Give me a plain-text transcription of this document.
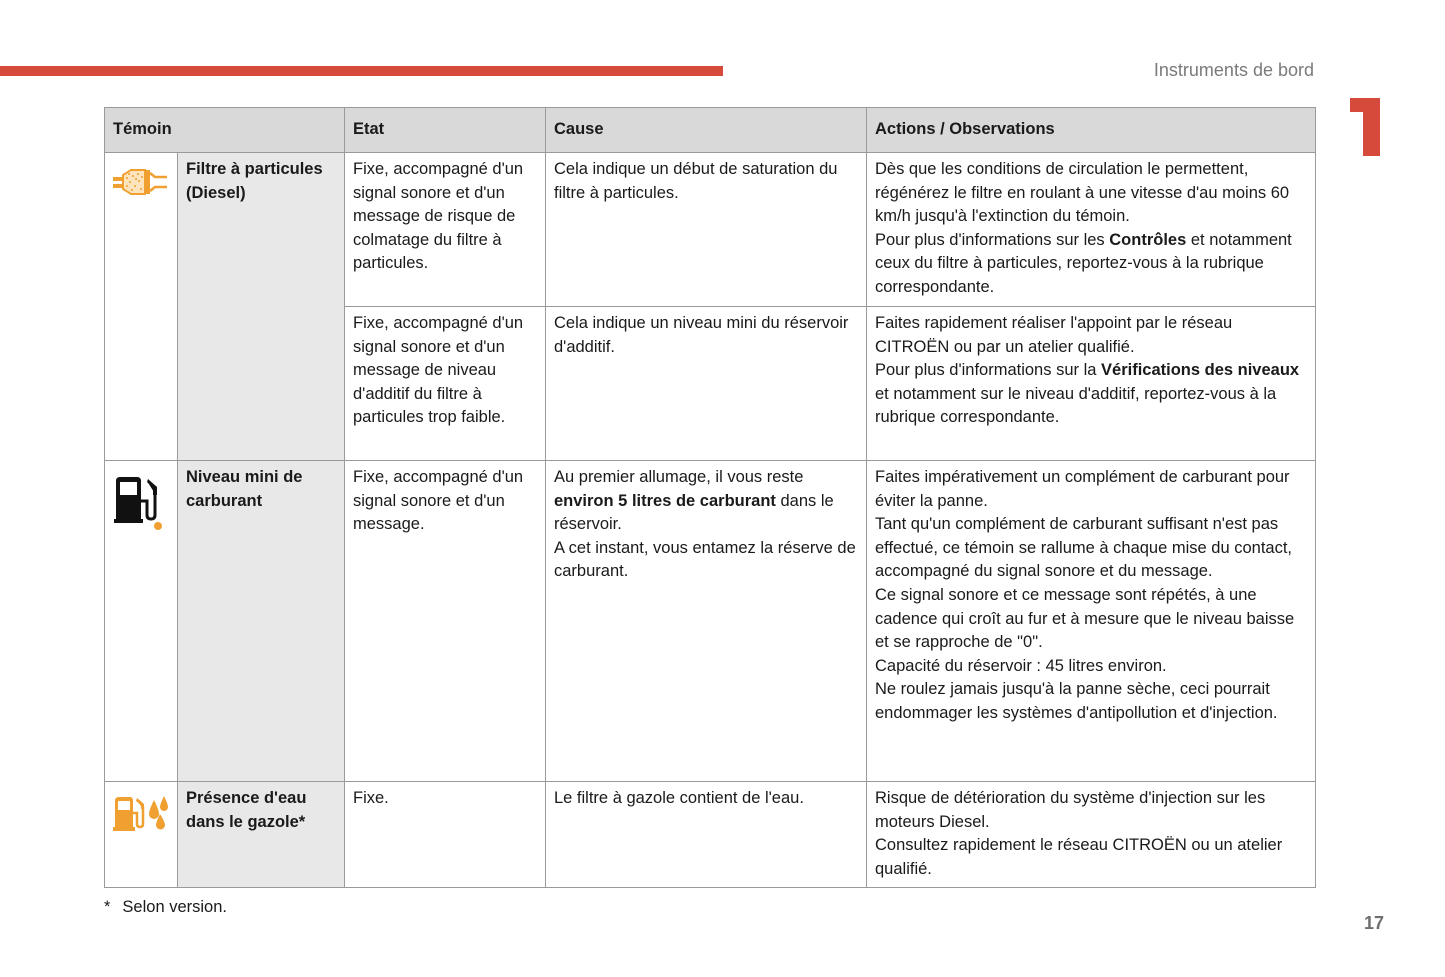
Instruments de bord
Témoin		Etat	Cause	Actions / Observations

	Filtre à particules (Diesel)	Fixe, accompagné d'un signal sonore et d'un message de risque de colmatage du filtre à particules.	Cela indique un début de saturation du filtre à particules.	Dès que les conditions de circulation le permettent, régénérez le filtre en roulant à une vitesse d'au moins 60 km/h jusqu'à l'extinction du témoin.
Pour plus d'informations sur les Contrôles et notamment ceux du filtre à particules, reportez-vous à la rubrique correspondante.
		Fixe, accompagné d'un signal sonore et d'un message de niveau d'additif du filtre à particules trop faible.	Cela indique un niveau mini du réservoir d'additif.	Faites rapidement réaliser l'appoint par le réseau CITROËN ou par un atelier qualifié.
Pour plus d'informations sur la Vérifications des niveaux et notamment sur le niveau d'additif, reportez-vous à la rubrique correspondante.

	Niveau mini de carburant	Fixe, accompagné d'un signal sonore et d'un message.	Au premier allumage, il vous reste environ 5 litres de carburant dans le réservoir.
A cet instant, vous entamez la réserve de carburant.	Faites impérativement un complément de carburant pour éviter la panne.
Tant qu'un complément de carburant suffisant n'est pas effectué, ce témoin se rallume à chaque mise du contact, accompagné du signal sonore et du message.
Ce signal sonore et ce message sont répétés, à une cadence qui croît au fur et à mesure que le niveau baisse et se rapproche de "0".
Capacité du réservoir : 45 litres environ.
Ne roulez jamais jusqu'à la panne sèche, ceci pourrait endommager les systèmes d'antipollution et d'injection.

	Présence d'eau dans le gazole*	Fixe.	Le filtre à gazole contient de l'eau.	Risque de détérioration du système d'injection sur les moteurs Diesel.
Consultez rapidement le réseau CITROËN ou un atelier qualifié.
* Selon version.
17
